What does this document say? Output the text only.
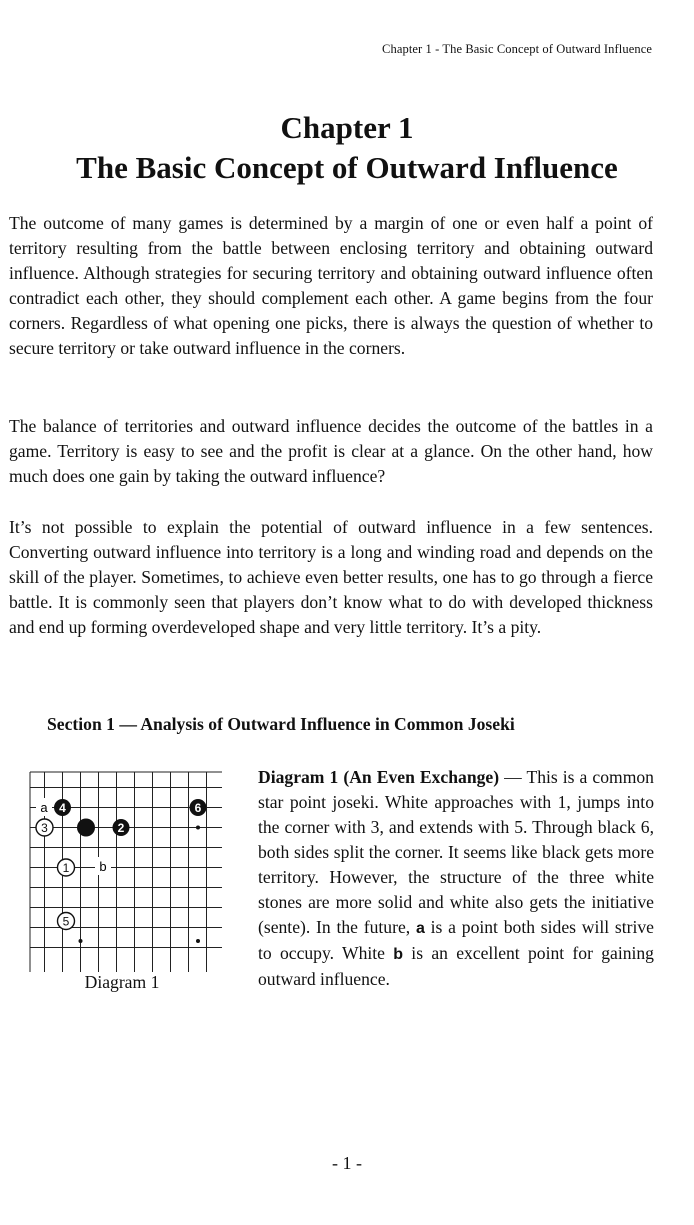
Chapter 1 - The Basic Concept of Outward Influence
Chapter 1
The Basic Concept of Outward Influence

The outcome of many games is determined by a margin of one or even half a point of territory resulting from the battle between enclosing territory and obtaining outward influence. Although strategies for securing territory and obtaining outward influence often contradict each other, they should complement each other. A game begins from the four corners. Regardless of what opening one picks, there is always the question of whether to secure territory or take outward influence in the corners.

The balance of territories and outward influence decides the outcome of the battles in a game. Territory is easy to see and the profit is clear at a glance. On the other hand, how much does one gain by taking the outward influence?

It’s not possible to explain the potential of outward influence in a few sentences. Converting outward influence into territory is a long and winding road and depends on the skill of the player. Sometimes, to achieve even better results, one has to go through a fierce battle. It is commonly seen that players don’t know what to do with developed thickness and end up forming overdeveloped shape and very little territory. It’s a pity.

Section 1 — Analysis of Outward Influence in Common Joseki
a
b
4	6
3	2
1
5
Diagram 1

Diagram 1 (An Even Exchange) — This is a common star point joseki. White approaches with 1, jumps into the corner with 3, and extends with 5. Through black 6, both sides split the corner. It seems like black gets more territory. However, the structure of the three white stones are more solid and white also gets the initiative (sente). In the future, a is a point both sides will strive to occupy. White b is an excellent point for gaining outward influence.

- 1 -
